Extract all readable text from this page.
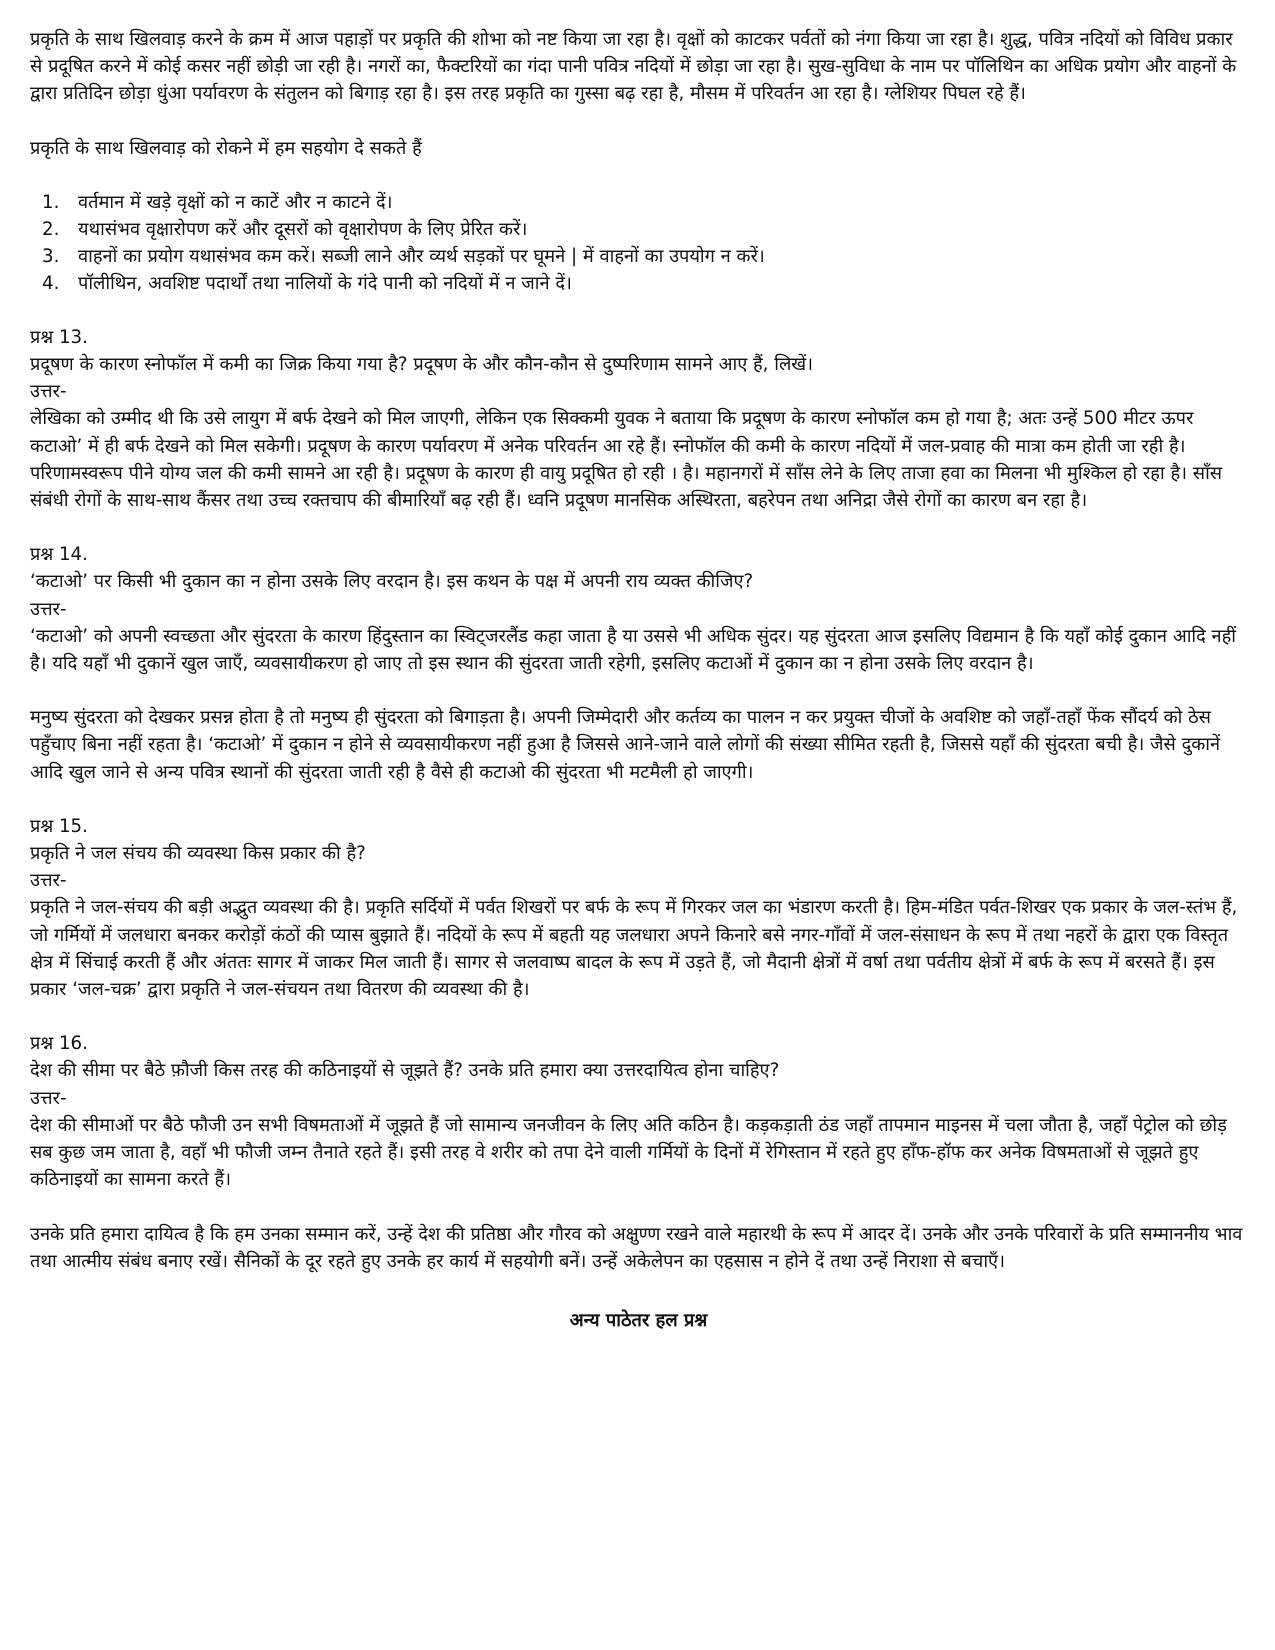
प्रकृति के साथ खिलवाड़ करने के क्रम में आज पहाड़ों पर प्रकृति की शोभा को नष्ट किया जा रहा है। वृक्षों को काटकर पर्वतों को नंगा किया जा रहा है। शुद्ध, पवित्र नदियों को विविध प्रकार से प्रदूषित करने में कोई कसर नहीं छोड़ी जा रही है। नगरों का, फैक्टरियों का गंदा पानी पवित्र नदियों में छोड़ा जा रहा है। सुख-सुविधा के नाम पर पॉलिथिन का अधिक प्रयोग और वाहनों के द्वारा प्रतिदिन छोड़ा धुंआ पर्यावरण के संतुलन को बिगाड़ रहा है। इस तरह प्रकृति का गुस्सा बढ़ रहा है, मौसम में परिवर्तन आ रहा है। ग्लेशियर पिघल रहे हैं।

प्रकृति के साथ खिलवाड़ को रोकने में हम सहयोग दे सकते हैं

1.	वर्तमान में खड़े वृक्षों को न काटें और न काटने दें।
2.	यथासंभव वृक्षारोपण करें और दूसरों को वृक्षारोपण के लिए प्रेरित करें।
3.	वाहनों का प्रयोग यथासंभव कम करें। सब्जी लाने और व्यर्थ सड़कों पर घूमने | में वाहनों का उपयोग न करें।
4.	पॉलीथिन, अवशिष्ट पदार्थों तथा नालियों के गंदे पानी को नदियों में न जाने दें।

प्रश्न 13.

प्रदूषण के कारण स्नोफॉल में कमी का जिक्र किया गया है? प्रदूषण के और कौन-कौन से दुष्परिणाम सामने आए हैं, लिखें।

उत्तर-

लेखिका को उम्मीद थी कि उसे लायुग में बर्फ देखने को मिल जाएगी, लेकिन एक सिक्कमी युवक ने बताया कि प्रदूषण के कारण स्नोफॉल कम हो गया है; अतः उन्हें 500 मीटर ऊपर कटाओ’ में ही बर्फ देखने को मिल सकेगी। प्रदूषण के कारण पर्यावरण में अनेक परिवर्तन आ रहे हैं। स्नोफॉल की कमी के कारण नदियों में जल-प्रवाह की मात्रा कम होती जा रही है। परिणामस्वरूप पीने योग्य जल की कमी सामने आ रही है। प्रदूषण के कारण ही वायु प्रदूषित हो रही । है। महानगरों में साँस लेने के लिए ताजा हवा का मिलना भी मुश्किल हो रहा है। साँस संबंधी रोगों के साथ-साथ कैंसर तथा उच्च रक्तचाप की बीमारियाँ बढ़ रही हैं। ध्वनि प्रदूषण मानसिक अस्थिरता, बहरेपन तथा अनिद्रा जैसे रोगों का कारण बन रहा है।

प्रश्न 14.

‘कटाओ’ पर किसी भी दुकान का न होना उसके लिए वरदान है। इस कथन के पक्ष में अपनी राय व्यक्त कीजिए?

उत्तर-

‘कटाओ’ को अपनी स्वच्छता और सुंदरता के कारण हिंदुस्तान का स्विट्जरलैंड कहा जाता है या उससे भी अधिक सुंदर। यह सुंदरता आज इसलिए विद्यमान है कि यहाँ कोई दुकान आदि नहीं है। यदि यहाँ भी दुकानें खुल जाएँ, व्यवसायीकरण हो जाए तो इस स्थान की सुंदरता जाती रहेगी, इसलिए कटाओं में दुकान का न होना उसके लिए वरदान है।

मनुष्य सुंदरता को देखकर प्रसन्न होता है तो मनुष्य ही सुंदरता को बिगाड़ता है। अपनी जिम्मेदारी और कर्तव्य का पालन न कर प्रयुक्त चीजों के अवशिष्ट को जहाँ-तहाँ फेंक सौंदर्य को ठेस पहुँचाए बिना नहीं रहता है। ‘कटाओ’ में दुकान न होने से व्यवसायीकरण नहीं हुआ है जिससे आने-जाने वाले लोगों की संख्या सीमित रहती है, जिससे यहाँ की सुंदरता बची है। जैसे दुकानें आदि खुल जाने से अन्य पवित्र स्थानों की सुंदरता जाती रही है वैसे ही कटाओ की सुंदरता भी मटमैली हो जाएगी।

प्रश्न 15.

प्रकृति ने जल संचय की व्यवस्था किस प्रकार की है?

उत्तर-

प्रकृति ने जल-संचय की बड़ी अद्भुत व्यवस्था की है। प्रकृति सर्दियों में पर्वत शिखरों पर बर्फ के रूप में गिरकर जल का भंडारण करती है। हिम-मंडित पर्वत-शिखर एक प्रकार के जल-स्तंभ हैं, जो गर्मियों में जलधारा बनकर करोड़ों कंठों की प्यास बुझाते हैं। नदियों के रूप में बहती यह जलधारा अपने किनारे बसे नगर-गाँवों में जल-संसाधन के रूप में तथा नहरों के द्वारा एक विस्तृत क्षेत्र में सिंचाई करती हैं और अंततः सागर में जाकर मिल जाती हैं। सागर से जलवाष्प बादल के रूप में उड़ते हैं, जो मैदानी क्षेत्रों में वर्षा तथा पर्वतीय क्षेत्रों में बर्फ के रूप में बरसते हैं। इस प्रकार ‘जल-चक्र’ द्वारा प्रकृति ने जल-संचयन तथा वितरण की व्यवस्था की है।

प्रश्न 16.

देश की सीमा पर बैठे फ़ौजी किस तरह की कठिनाइयों से जूझते हैं? उनके प्रति हमारा क्या उत्तरदायित्व होना चाहिए?

उत्तर-

देश की सीमाओं पर बैठे फौजी उन सभी विषमताओं में जूझते हैं जो सामान्य जनजीवन के लिए अति कठिन है। कड़कड़ाती ठंड जहाँ तापमान माइनस में चला जौता है, जहाँ पेट्रोल को छोड़ सब कुछ जम जाता है, वहाँ भी फौजी जम्न तैनाते रहते हैं। इसी तरह वे शरीर को तपा देने वाली गर्मियों के दिनों में रेगिस्तान में रहते हुए हाँफ-हॉफ कर अनेक विषमताओं से जूझते हुए कठिनाइयों का सामना करते हैं।

उनके प्रति हमारा दायित्व है कि हम उनका सम्मान करें, उन्हें देश की प्रतिष्ठा और गौरव को अक्षुण्ण रखने वाले महारथी के रूप में आदर दें। उनके और उनके परिवारों के प्रति सम्माननीय भाव तथा आत्मीय संबंध बनाए रखें। सैनिकों के दूर रहते हुए उनके हर कार्य में सहयोगी बनें। उन्हें अकेलेपन का एहसास न होने दें तथा उन्हें निराशा से बचाएँ।

अन्य पाठेतर हल प्रश्न
